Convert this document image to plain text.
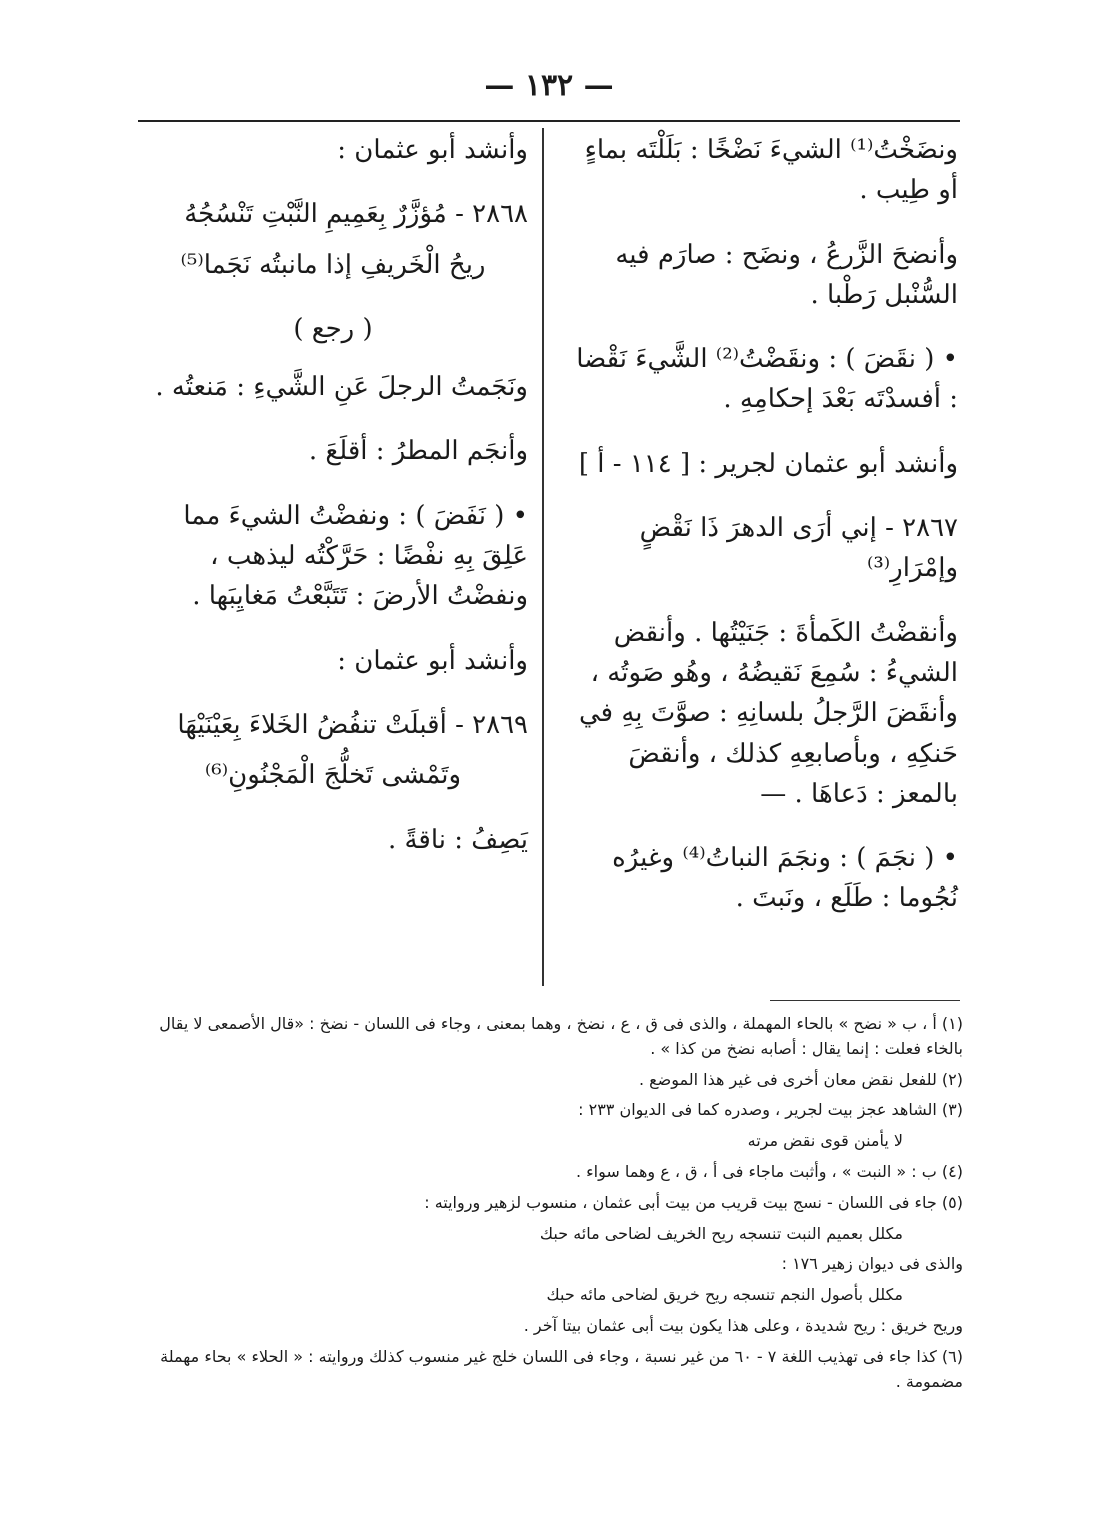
— ١٣٢ —

ونضَخْتُ⁽¹⁾ الشيءَ نَضْخًا : بَلَلْتَه بماءٍ أو طِيب .

وأنضحَ الزَّرعُ ، ونضَح : صارَم فيه السُّنْبل رَطْبا .

• ( نقَضَ ) : ونقَضْتُ⁽²⁾ الشَّيءَ نَقْضا : أفسدْتَه بَعْدَ إحكامِهِ .

وأنشد أبو عثمان لجرير : [ ١١٤ - أ ]

٢٨٦٧ - إني أرَى الدهرَ ذَا نَقْضٍ وإمْرَارِ⁽³⁾

وأنقضْتُ الكَمأةَ : جَنَيْتُها . وأنقض الشيءُ : سُمِعَ نَقيضُهُ ، وهُو صَوتُه ، وأنقَضَ الرَّجلُ بلسانِهِ : صوَّتَ بِهِ في حَنكِهِ ، وبأصابعِهِ كذلك ، وأنقضَ بالمعز : دَعاهَا . —

• ( نجَمَ ) : ونجَمَ النباتُ⁽⁴⁾ وغيرُه نُجُوما : طَلَع ، ونَبتَ .

وأنشد أبو عثمان :

٢٨٦٨ - مُؤزَّرٌ بِعَمِيمِ النَّبْتِ تَنْسُجُهُ

ريحُ الْخَريفِ إذا مانبتُه نَجَما⁽⁵⁾

( رجع )

ونَجَمتُ الرجلَ عَنِ الشَّيءِ : مَنعتُه .

وأنجَم المطرُ : أقلَعَ .

• ( نَفَضَ ) : ونفضْتُ الشيءَ مما عَلِقَ بِهِ نفْضًا : حَرَّكْتُه ليذهب ، ونفضْتُ الأرضَ : تَتَبَّعْتُ مَغايِبَها .

وأنشد أبو عثمان :

٢٨٦٩ - أقبلَتْ تنفُضُ الخَلاءَ بِعَيْنَيْهَا

وتَمْشى تَخلُّجَ الْمَجْنُونِ⁽⁶⁾

يَصِفُ : ناقةً .

(١) أ ، ب « نضح » بالحاء المهملة ، والذى فى ق ، ع ، نضخ ، وهما بمعنى ، وجاء فى اللسان - نضخ : «قال الأصمعى لا يقال بالخاء فعلت : إنما يقال : أصابه نضخ من كذا » .

(٢) للفعل نقض معان أخرى فى غير هذا الموضع .

(٣) الشاهد عجز بيت لجرير ، وصدره كما فى الديوان ٢٣٣ :

لا يأمنن قوى نقض مرته

(٤) ب : « النبت » ، وأثبت ماجاء فى أ ، ق ، ع وهما سواء .

(٥) جاء فى اللسان - نسج بيت قريب من بيت أبى عثمان ، منسوب لزهير وروايته :

مكلل بعميم النبت تنسجه ريح الخريف لضاحى مائه حبك

والذى فى ديوان زهير ١٧٦ :

مكلل بأصول النجم تنسجه ريح خريق لضاحى مائه حبك

وريح خريق : ريح شديدة ، وعلى هذا يكون بيت أبى عثمان بيتا آخر .

(٦) كذا جاء فى تهذيب اللغة ٧ - ٦٠ من غير نسبة ، وجاء فى اللسان خلج غير منسوب كذلك وروايته : « الحلاء » بحاء مهملة مضمومة .
